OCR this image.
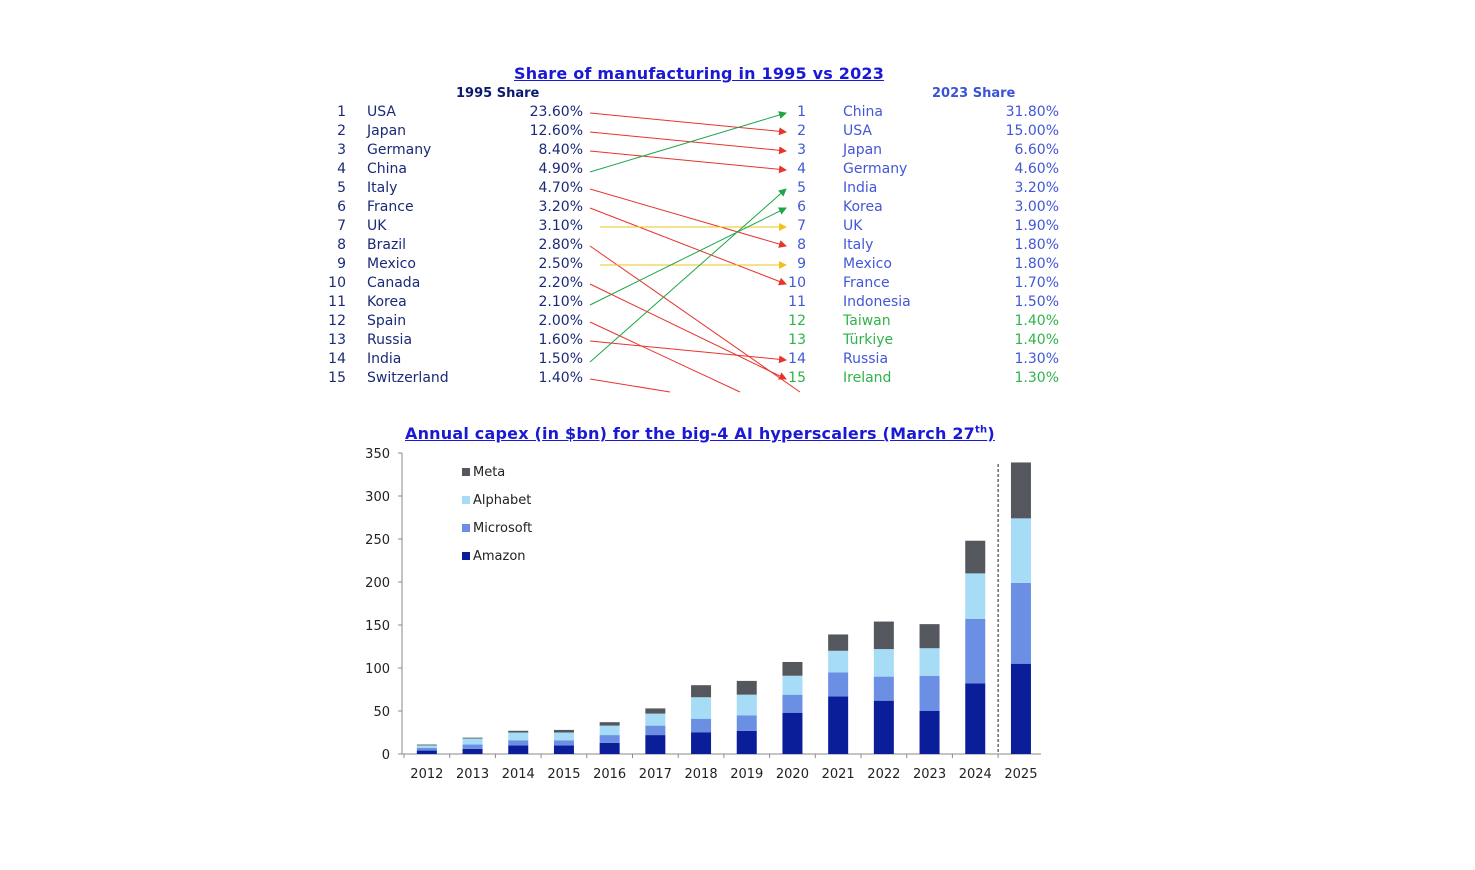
Share of manufacturing in 1995 vs 2023
1995 Share	2023 Share
1 USA	23.60%
2 Japan	12.60%
3 Germany	8.40%
4 China	4.90%
5 Italy	4.70%
6 France	3.20%
7 UK	3.10%
8 Brazil	2.80%
9 Mexico	2.50%
10 Canada	2.20%
11 Korea	2.10%
12 Spain	2.00%
13 Russia	1.60%
14 India	1.50%
15 Switzerland	1.40%
1	China	31.80%
2	USA	15.00%
3	Japan	6.60%
4	Germany	4.60%
5	India	3.20%
6	Korea	3.00%
7	UK	1.90%
8	Italy	1.80%
9	Mexico	1.80%
10	France	1.70%
11	Indonesia	1.50%
12	Taiwan	1.40%
13	Türkiye	1.40%
14	Russia	1.30%
15	Ireland	1.30%
Annual capex (in $bn) for the big-4 AI hyperscalers (March 27th)
0
50
100
150
200
250
300
350
2012 2013 2014 2015 2016 2017 2018 2019 2020 2021 2022 2023 2024 2025
Meta
Alphabet
Microsoft
Amazon
